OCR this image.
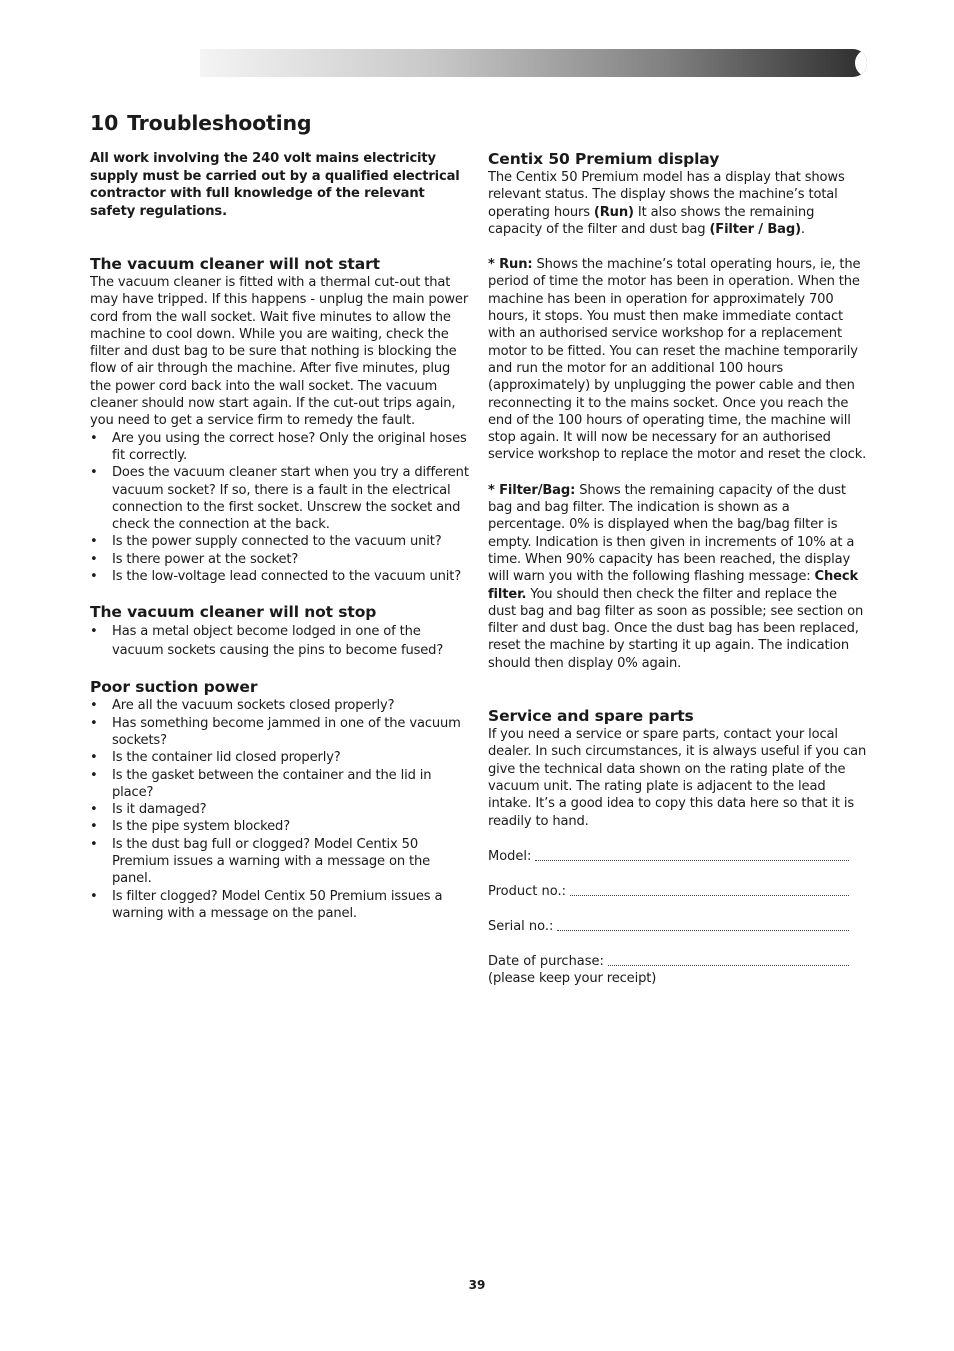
10 Troubleshooting

All work involving the 240 volt mains electricity supply must be carried out by a qualified electrical contractor with full knowledge of the relevant safety regulations.

The vacuum cleaner will not start

The vacuum cleaner is fitted with a thermal cut-out that may have tripped. If this happens - unplug the main power cord from the wall socket. Wait five minutes to allow the machine to cool down. While you are waiting, check the filter and dust bag to be sure that nothing is blocking the flow of air through the machine. After five minutes, plug the power cord back into the wall socket. The vacuum cleaner should now start again. If the cut-out trips again, you need to get a service firm to remedy the fault.

• Are you using the correct hose? Only the original hoses fit correctly.
• Does the vacuum cleaner start when you try a different vacuum socket? If so, there is a fault in the electrical connection to the first socket. Unscrew the socket and check the connection at the back.
• Is the power supply connected to the vacuum unit?
• Is there power at the socket?
• Is the low-voltage lead connected to the vacuum unit?
The vacuum cleaner will not stop
• Has a metal object become lodged in one of the vacuum sockets causing the pins to become fused?
Poor suction power
• Are all the vacuum sockets closed properly?
• Has something become jammed in one of the vacuum sockets?
• Is the container lid closed properly?
• Is the gasket between the container and the lid in place?
• Is it damaged?
• Is the pipe system blocked?
• Is the dust bag full or clogged? Model Centix 50 Premium issues a warning with a message on the panel.
• Is filter clogged? Model Centix 50 Premium issues a warning with a message on the panel.
Centix 50 Premium display

The Centix 50 Premium model has a display that shows relevant status. The display shows the machine’s total operating hours (Run) It also shows the remaining capacity of the filter and dust bag (Filter / Bag).

* Run: Shows the machine’s total operating hours, ie, the period of time the motor has been in operation. When the machine has been in operation for approximately 700 hours, it stops. You must then make immediate contact with an authorised service workshop for a replacement motor to be fitted. You can reset the machine temporarily and run the motor for an additional 100 hours (approximately) by unplugging the power cable and then reconnecting it to the mains socket. Once you reach the end of the 100 hours of operating time, the machine will stop again. It will now be necessary for an authorised service workshop to replace the motor and reset the clock.

* Filter/Bag: Shows the remaining capacity of the dust bag and bag filter. The indication is shown as a percentage. 0% is displayed when the bag/bag filter is empty. Indication is then given in increments of 10% at a time. When 90% capacity has been reached, the display will warn you with the following flashing message: Check filter. You should then check the filter and replace the dust bag and bag filter as soon as possible; see section on filter and dust bag. Once the dust bag has been replaced, reset the machine by starting it up again. The indication should then display 0% again.

Service and spare parts

If you need a service or spare parts, contact your local dealer. In such circumstances, it is always useful if you can give the technical data shown on the rating plate of the vacuum unit. The rating plate is adjacent to the lead intake. It’s a good idea to copy this data here so that it is readily to hand.

Model:
Product no.:
Serial no.:
Date of purchase:

(please keep your receipt)

39
